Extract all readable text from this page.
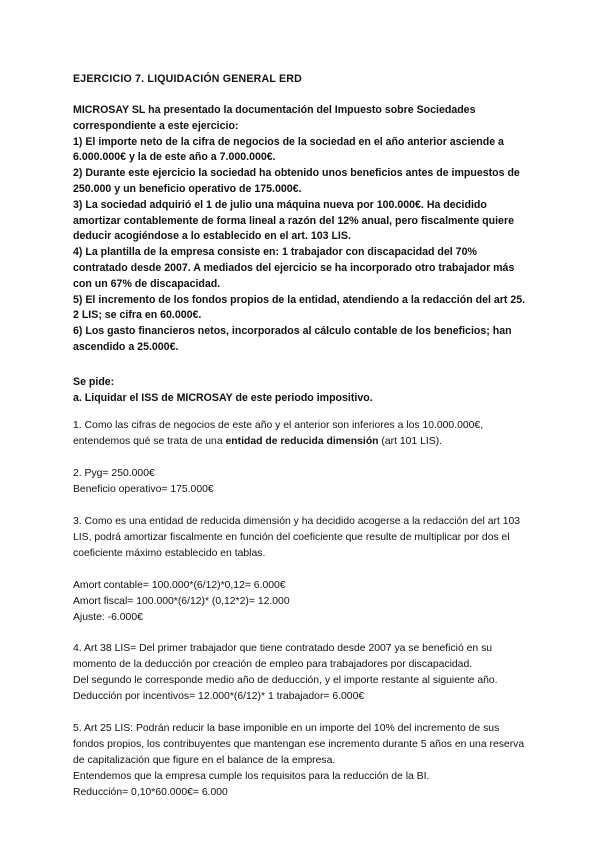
EJERCICIO 7. LIQUIDACIÓN GENERAL ERD

MICROSAY SL ha presentado la documentación del Impuesto sobre Sociedades correspondiente a este ejercicio:

1) El importe neto de la cifra de negocios de la sociedad en el año anterior asciende a 6.000.000€ y la de este año a 7.000.000€.

2) Durante este ejercicio la sociedad ha obtenido unos beneficios antes de impuestos de 250.000 y un beneficio operativo de 175.000€.

3) La sociedad adquirió el 1 de julio una máquina nueva por 100.000€. Ha decidido amortizar contablemente de forma lineal a razón del 12% anual, pero fiscalmente quiere deducir acogiéndose a lo establecido en el art. 103 LIS.

4) La plantilla de la empresa consiste en: 1 trabajador con discapacidad del 70% contratado desde 2007. A mediados del ejercicio se ha incorporado otro trabajador más con un 67% de discapacidad.

5) El incremento de los fondos propios de la entidad, atendiendo a la redacción del art 25. 2 LIS; se cifra en 60.000€.

6) Los gasto financieros netos, incorporados al cálculo contable de los beneficios; han ascendido a 25.000€.

Se pide:

a. Liquidar el ISS de MICROSAY de este periodo impositivo.

1. Como las cifras de negocios de este año y el anterior son inferiores a los 10.000.000€, entendemos qué se trata de una entidad de reducida dimensión (art 101 LIS).

2. Pyg= 250.000€

Beneficio operativo= 175.000€

3. Como es una entidad de reducida dimensión y ha decidido acogerse a la redacción del art 103 LIS, podrá amortizar fiscalmente en función del coeficiente que resulte de multiplicar por dos el coeficiente máximo establecido en tablas.

Amort contable= 100.000*(6/12)*0,12= 6.000€

Amort fiscal= 100.000*(6/12)* (0,12*2)= 12.000

Ajuste: -6.000€

4. Art 38 LIS= Del primer trabajador que tiene contratado desde 2007 ya se benefició en su momento de la deducción por creación de empleo para trabajadores por discapacidad.

Del segundo le corresponde medio año de deducción, y el importe restante al siguiente año.

Deducción por incentivos= 12.000*(6/12)* 1 trabajador= 6.000€

5. Art 25 LIS: Podrán reducir la base imponible en un importe del 10% del incremento de sus fondos propios, los contribuyentes que mantengan ese incremento durante 5 años en una reserva de capitalización que figure en el balance de la empresa.

Entendemos que la empresa cumple los requisitos para la reducción de la BI.

Reducción= 0,10*60.000€= 6.000
